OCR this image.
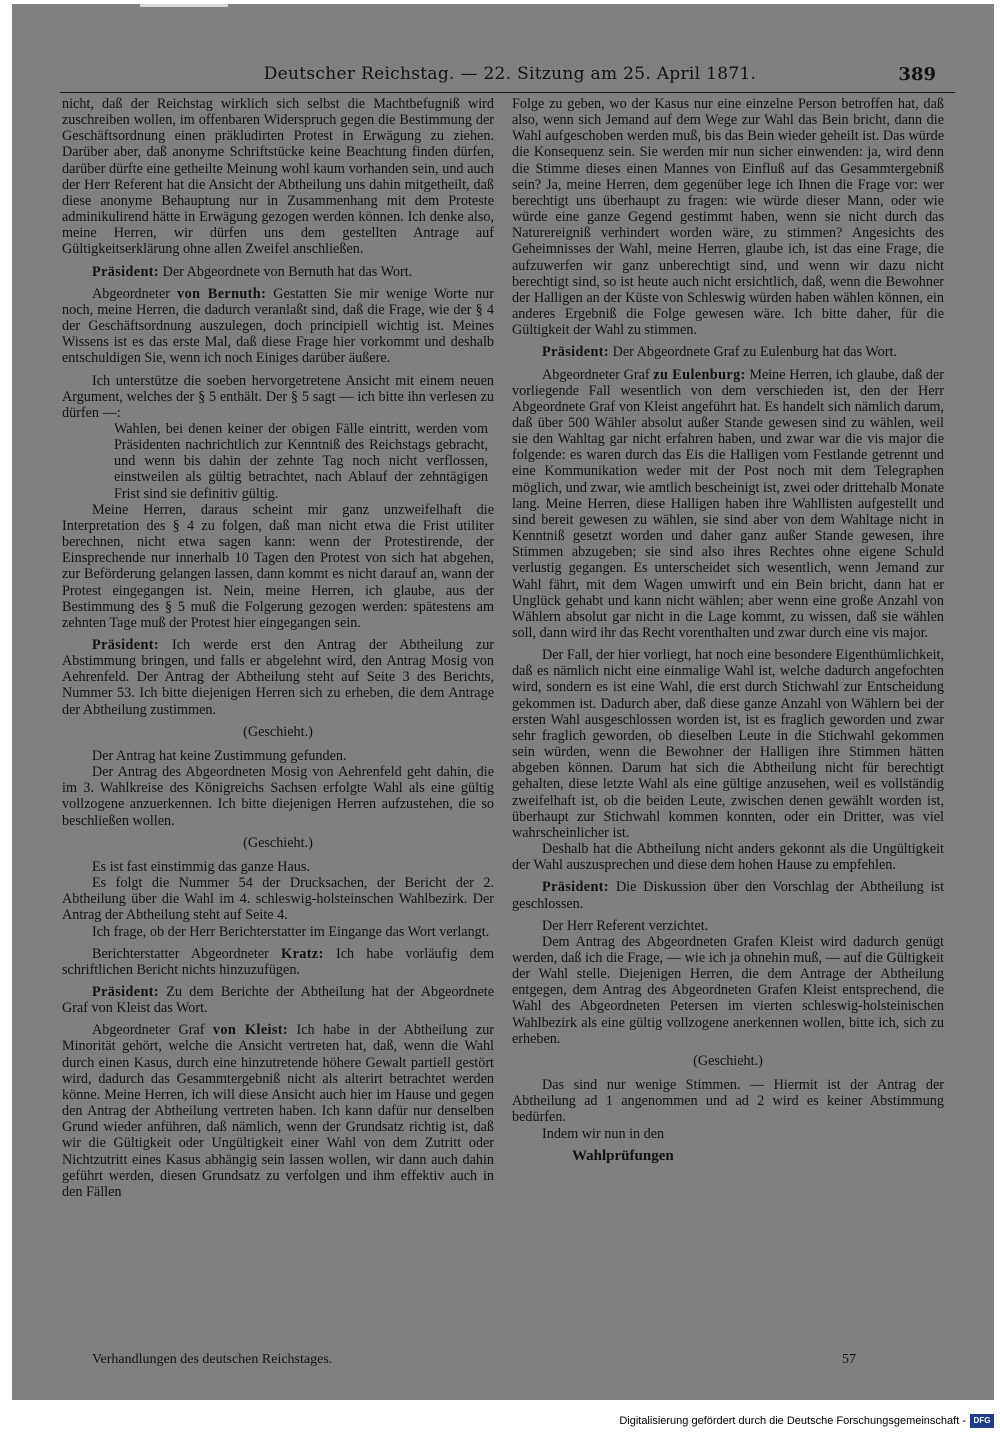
Deutscher Reichstag. — 22. Sitzung am 25. April 1871.	389

nicht, daß der Reichstag wirklich sich selbst die Machtbefugniß wird zuschreiben wollen, im offenbaren Widerspruch gegen die Bestimmung der Geschäftsordnung einen präkludirten Protest in Erwägung zu ziehen. Darüber aber, daß anonyme Schriftstücke keine Beachtung finden dürfen, darüber dürfte eine getheilte Meinung wohl kaum vorhanden sein, und auch der Herr Referent hat die Ansicht der Abtheilung uns dahin mitgetheilt, daß diese anonyme Behauptung nur in Zusammenhang mit dem Proteste adminikulirend hätte in Erwägung gezogen werden können. Ich denke also, meine Herren, wir dürfen uns dem gestellten Antrage auf Gültigkeitserklärung ohne allen Zweifel anschließen.

Präsident: Der Abgeordnete von Bernuth hat das Wort.

Abgeordneter von Bernuth: Gestatten Sie mir wenige Worte nur noch, meine Herren, die dadurch veranlaßt sind, daß die Frage, wie der § 4 der Geschäftsordnung auszulegen, doch principiell wichtig ist. Meines Wissens ist es das erste Mal, daß diese Frage hier vorkommt und deshalb entschuldigen Sie, wenn ich noch Einiges darüber äußere.

Ich unterstütze die soeben hervorgetretene Ansicht mit einem neuen Argument, welches der § 5 enthält. Der § 5 sagt — ich bitte ihn verlesen zu dürfen —:

Wahlen, bei denen keiner der obigen Fälle eintritt, werden vom Präsidenten nachrichtlich zur Kenntniß des Reichstags gebracht, und wenn bis dahin der zehnte Tag noch nicht verflossen, einstweilen als gültig betrachtet, nach Ablauf der zehntägigen Frist sind sie definitiv gültig.

Meine Herren, daraus scheint mir ganz unzweifelhaft die Interpretation des § 4 zu folgen, daß man nicht etwa die Frist utiliter berechnen, nicht etwa sagen kann: wenn der Protestirende, der Einsprechende nur innerhalb 10 Tagen den Protest von sich hat abgehen, zur Beförderung gelangen lassen, dann kommt es nicht darauf an, wann der Protest eingegangen ist. Nein, meine Herren, ich glaube, aus der Bestimmung des § 5 muß die Folgerung gezogen werden: spätestens am zehnten Tage muß der Protest hier eingegangen sein.

Präsident: Ich werde erst den Antrag der Abtheilung zur Abstimmung bringen, und falls er abgelehnt wird, den Antrag Mosig von Aehrenfeld. Der Antrag der Abtheilung steht auf Seite 3 des Berichts, Nummer 53. Ich bitte diejenigen Herren sich zu erheben, die dem Antrage der Abtheilung zustimmen.

(Geschieht.)

Der Antrag hat keine Zustimmung gefunden.

Der Antrag des Abgeordneten Mosig von Aehrenfeld geht dahin, die im 3. Wahlkreise des Königreichs Sachsen erfolgte Wahl als eine gültig vollzogene anzuerkennen. Ich bitte diejenigen Herren aufzustehen, die so beschließen wollen.

(Geschieht.)

Es ist fast einstimmig das ganze Haus.

Es folgt die Nummer 54 der Drucksachen, der Bericht der 2. Abtheilung über die Wahl im 4. schleswig-holsteinschen Wahlbezirk. Der Antrag der Abtheilung steht auf Seite 4.

Ich frage, ob der Herr Berichterstatter im Eingange das Wort verlangt.

Berichterstatter Abgeordneter Kratz: Ich habe vorläufig dem schriftlichen Bericht nichts hinzuzufügen.

Präsident: Zu dem Berichte der Abtheilung hat der Abgeordnete Graf von Kleist das Wort.

Abgeordneter Graf von Kleist: Ich habe in der Abtheilung zur Minorität gehört, welche die Ansicht vertreten hat, daß, wenn die Wahl durch einen Kasus, durch eine hinzutretende höhere Gewalt partiell gestört wird, dadurch das Gesammtergebniß nicht als alterirt betrachtet werden könne. Meine Herren, ich will diese Ansicht auch hier im Hause und gegen den Antrag der Abtheilung vertreten haben. Ich kann dafür nur denselben Grund wieder anführen, daß nämlich, wenn der Grundsatz richtig ist, daß wir die Gültigkeit oder Ungültigkeit einer Wahl von dem Zutritt oder Nichtzutritt eines Kasus abhängig sein lassen wollen, wir dann auch dahin geführt werden, diesen Grundsatz zu verfolgen und ihm effektiv auch in den Fällen

Folge zu geben, wo der Kasus nur eine einzelne Person betroffen hat, daß also, wenn sich Jemand auf dem Wege zur Wahl das Bein bricht, dann die Wahl aufgeschoben werden muß, bis das Bein wieder geheilt ist. Das würde die Konsequenz sein. Sie werden mir nun sicher einwenden: ja, wird denn die Stimme dieses einen Mannes von Einfluß auf das Gesammtergebniß sein? Ja, meine Herren, dem gegenüber lege ich Ihnen die Frage vor: wer berechtigt uns überhaupt zu fragen: wie würde dieser Mann, oder wie würde eine ganze Gegend gestimmt haben, wenn sie nicht durch das Naturereigniß verhindert worden wäre, zu stimmen? Angesichts des Geheimnisses der Wahl, meine Herren, glaube ich, ist das eine Frage, die aufzuwerfen wir ganz unberechtigt sind, und wenn wir dazu nicht berechtigt sind, so ist heute auch nicht ersichtlich, daß, wenn die Bewohner der Halligen an der Küste von Schleswig würden haben wählen können, ein anderes Ergebniß die Folge gewesen wäre. Ich bitte daher, für die Gültigkeit der Wahl zu stimmen.

Präsident: Der Abgeordnete Graf zu Eulenburg hat das Wort.

Abgeordneter Graf zu Eulenburg: Meine Herren, ich glaube, daß der vorliegende Fall wesentlich von dem verschieden ist, den der Herr Abgeordnete Graf von Kleist angeführt hat. Es handelt sich nämlich darum, daß über 500 Wähler absolut außer Stande gewesen sind zu wählen, weil sie den Wahltag gar nicht erfahren haben, und zwar war die vis major die folgende: es waren durch das Eis die Halligen vom Festlande getrennt und eine Kommunikation weder mit der Post noch mit dem Telegraphen möglich, und zwar, wie amtlich bescheinigt ist, zwei oder drittehalb Monate lang. Meine Herren, diese Halligen haben ihre Wahllisten aufgestellt und sind bereit gewesen zu wählen, sie sind aber von dem Wahltage nicht in Kenntniß gesetzt worden und daher ganz außer Stande gewesen, ihre Stimmen abzugeben; sie sind also ihres Rechtes ohne eigene Schuld verlustig gegangen. Es unterscheidet sich wesentlich, wenn Jemand zur Wahl fährt, mit dem Wagen umwirft und ein Bein bricht, dann hat er Unglück gehabt und kann nicht wählen; aber wenn eine große Anzahl von Wählern absolut gar nicht in die Lage kommt, zu wissen, daß sie wählen soll, dann wird ihr das Recht vorenthalten und zwar durch eine vis major.

Der Fall, der hier vorliegt, hat noch eine besondere Eigenthümlichkeit, daß es nämlich nicht eine einmalige Wahl ist, welche dadurch angefochten wird, sondern es ist eine Wahl, die erst durch Stichwahl zur Entscheidung gekommen ist. Dadurch aber, daß diese ganze Anzahl von Wählern bei der ersten Wahl ausgeschlossen worden ist, ist es fraglich geworden und zwar sehr fraglich geworden, ob dieselben Leute in die Stichwahl gekommen sein würden, wenn die Bewohner der Halligen ihre Stimmen hätten abgeben können. Darum hat sich die Abtheilung nicht für berechtigt gehalten, diese letzte Wahl als eine gültige anzusehen, weil es vollständig zweifelhaft ist, ob die beiden Leute, zwischen denen gewählt worden ist, überhaupt zur Stichwahl kommen konnten, oder ein Dritter, was viel wahrscheinlicher ist.

Deshalb hat die Abtheilung nicht anders gekonnt als die Ungültigkeit der Wahl auszusprechen und diese dem hohen Hause zu empfehlen.

Präsident: Die Diskussion über den Vorschlag der Abtheilung ist geschlossen.

Der Herr Referent verzichtet.

Dem Antrag des Abgeordneten Grafen Kleist wird dadurch genügt werden, daß ich die Frage, — wie ich ja ohnehin muß, — auf die Gültigkeit der Wahl stelle. Diejenigen Herren, die dem Antrage der Abtheilung entgegen, dem Antrag des Abgeordneten Grafen Kleist entsprechend, die Wahl des Abgeordneten Petersen im vierten schleswig-holsteinischen Wahlbezirk als eine gültig vollzogene anerkennen wollen, bitte ich, sich zu erheben.

(Geschieht.)

Das sind nur wenige Stimmen. — Hiermit ist der Antrag der Abtheilung ad 1 angenommen und ad 2 wird es keiner Abstimmung bedürfen.

Indem wir nun in den

Wahlprüfungen

Verhandlungen des deutschen Reichstages.	57
Digitalisierung gefördert durch die Deutsche Forschungsgemeinschaft - DFG
